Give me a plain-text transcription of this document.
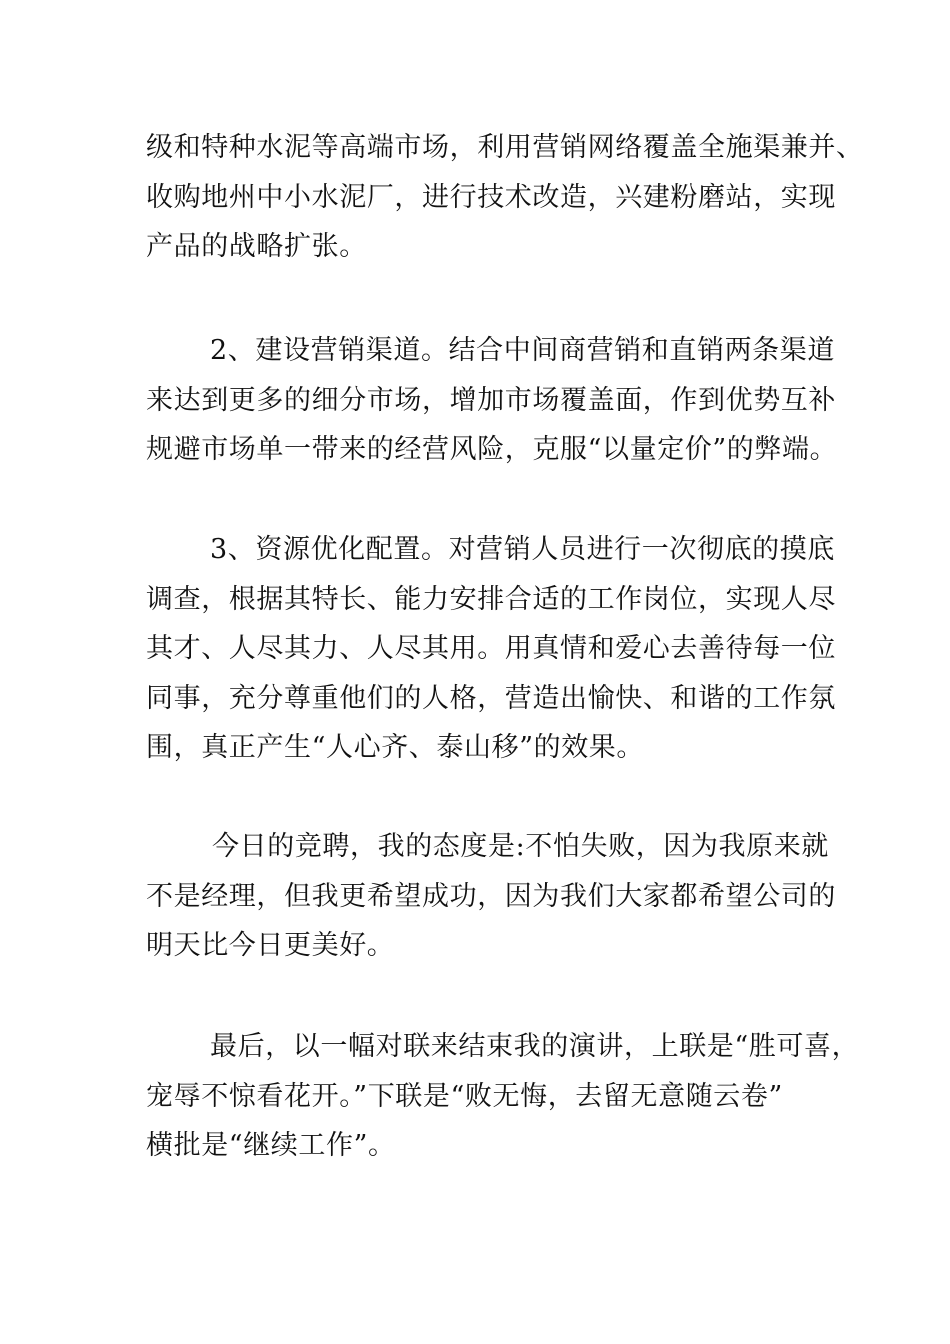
级和特种水泥等高端市场，利用营销网络覆盖全施渠兼并、
收购地州中小水泥厂，进行技术改造，兴建粉磨站，实现
产品的战略扩张。

2、建设营销渠道。结合中间商营销和直销两条渠道
来达到更多的细分市场，增加市场覆盖面，作到优势互补
规避市场单一带来的经营风险，克服“以量定价”的弊端。

3、资源优化配置。对营销人员进行一次彻底的摸底
调查，根据其特长、能力安排合适的工作岗位，实现人尽
其才、人尽其力、人尽其用。用真情和爱心去善待每一位
同事，充分尊重他们的人格，营造出愉快、和谐的工作氛
围，真正产生“人心齐、泰山移”的效果。

今日的竞聘，我的态度是:不怕失败，因为我原来就
不是经理，但我更希望成功，因为我们大家都希望公司的
明天比今日更美好。

最后，以一幅对联来结束我的演讲，上联是“胜可喜，
宠辱不惊看花开。”下联是“败无悔，去留无意随云卷”
横批是“继续工作”。
